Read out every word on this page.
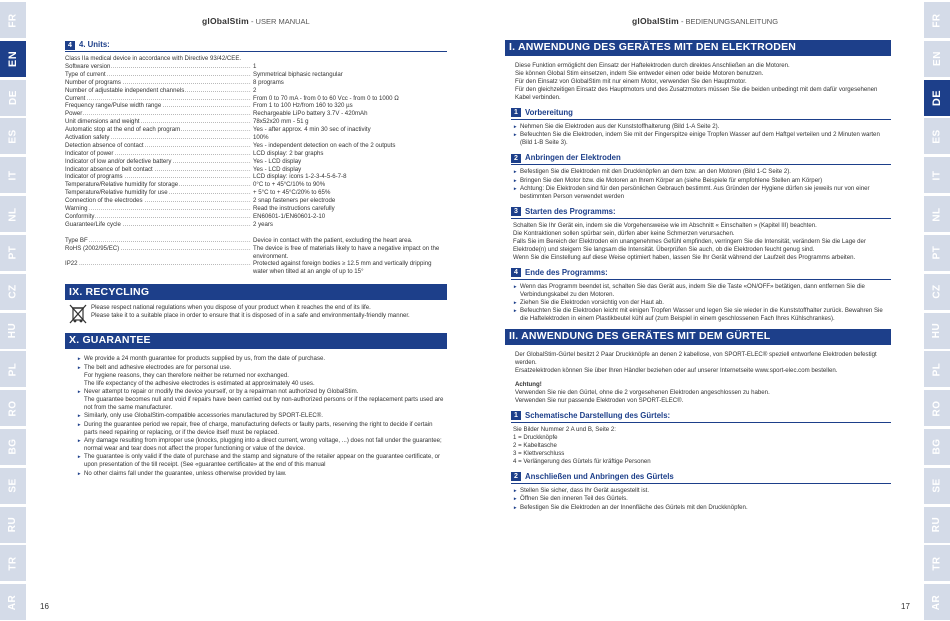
FR
EN
DE
ES
IT
NL
PT
CZ
HU
PL
RO
BG
SE
RU
TR
AR
FR
EN
DE
ES
IT
NL
PT
CZ
HU
PL
RO
BG
SE
RU
TR
AR
glObalStim - USER MANUAL
16
glObalStim - BEDIENUNGSANLEITUNG
17
4 4. Units:
Class IIa medical device in accordance with Directive 93/42/CEE.
Software version .....	1
Type of current .....	Symmetrical biphasic rectangular
Number of programs .....	8 programs
Number of adjustable independent channels .....	2
Current .....	From 0 to 70 mA - from 0 to 60 Vcc - from 0 to 1000 Ω
Frequency range/Pulse width range .....	From 1 to 100 Hz/from 160 to 320 µs
Power .....	Rechargeable LiPo battery 3.7V - 420mAh
Unit dimensions and weight .....	78x52x20 mm - 51 g
Automatic stop at the end of each program .....	Yes - after approx. 4 min 30 sec of inactivity
Activation safety .....	100%
Detection absence of contact .....	Yes - independent detection on each of the 2 outputs
Indicator of power .....	LCD display: 2 bar graphs
Indicator of low and/or defective battery .....	Yes - LCD display
Indicator absence of belt contact .....	Yes - LCD display
Indicator of programs .....	LCD display: icons 1-2-3-4-5-6-7-8
Temperature/Relative humidity for storage .....	0°C to + 45°C/10% to 90%
Temperature/Relative humidity for use .....	+ 5°C to + 45°C/20% to 65%
Connection of the electrodes .....	2 snap fasteners per electrode
Warning .....	Read the instructions carefully
Conformity .....	EN60601-1/EN60601-2-10
Guarantee/Life cycle .....	2 years
Type BF .....	Device in contact with the patient, excluding the heart area.
RoHS (2002/95/EC) .....	The device is free of materials likely to have a negative impact on the environment.
IP22 .....	Protected against foreign bodies ≥ 12.5 mm and vertically dripping water when tilted at an angle of up to 15°
IX. RECYCLING
Please respect national regulations when you dispose of your product when it reaches the end of its life.
Please take it to a suitable place in order to ensure that it is disposed of in a safe and environmentally-friendly manner.
X. GUARANTEE
► We provide a 24 month guarantee for products supplied by us, from the date of purchase.
► The belt and adhesive electrodes are for personal use.
For hygiene reasons, they can therefore neither be returned nor exchanged.
The life expectancy of the adhesive electrodes is estimated at approximately 40 uses.
► Never attempt to repair or modify the device yourself, or by a repairman not authorized by GlobalStim.
The guarantee becomes null and void if repairs have been carried out by non-authorized persons or if the replacement parts used are not from the same manufacturer.
► Similarly, only use GlobalStim-compatible accessories manufactured by SPORT-ELEC®.
► During the guarantee period we repair, free of charge, manufacturing defects or faulty parts, reserving the right to decide if certain parts need repairing or replacing, or if the device itself must be replaced.
► Any damage resulting from improper use (knocks, plugging into a direct current, wrong voltage, ...) does not fall under the guarantee; normal wear and tear does not affect the proper functioning or value of the device.
► The guarantee is only valid if the date of purchase and the stamp and signature of the retailer appear on the guarantee certificate, or upon presentation of the till receipt. (See «guarantee certificate» at the end of this manual
► No other claims fall under the guarantee, unless otherwise provided by law.
I. ANWENDUNG DES GERÄTES MIT DEN ELEKTRODEN

Diese Funktion ermöglicht den Einsatz der Haftelektroden durch direktes Anschließen an die Motoren.

Sie können Global Stim einsetzen, indem Sie entweder einen oder beide Motoren benutzen.

Für den Einsatz von GlobalStim mit nur einem Motor, verwenden Sie den Hauptmotor.

Für den gleichzeitigen Einsatz des Hauptmotors und des Zusatzmotors müssen Sie die beiden unbedingt mit dem dafür vorgesehenen Kabel verbinden.

1 Vorbereitung
► Nehmen Sie die Elektroden aus der Kunststoffhalterung (Bild 1-A Seite 2).
► Befeuchten Sie die Elektroden, indem Sie mit der Fingerspitze einige Tropfen Wasser auf dem Haftgel verteilen und 2 Minuten warten (Bild 1-B Seite 3).
2 Anbringen der Elektroden
► Befestigen Sie die Elektroden mit den Druckknöpfen an dem bzw. an den Motoren (Bild 1-C Seite 2).
► Bringen Sie den Motor bzw. die Motoren an Ihrem Körper an (siehe Beispiele für empfohlene Stellen am Körper)
► Achtung: Die Elektroden sind für den persönlichen Gebrauch bestimmt. Aus Gründen der Hygiene dürfen sie jeweils nur von einer bestimmten Person verwendet werden
3 Starten des Programms:

Schalten Sie Ihr Gerät ein, indem sie die Vorgehensweise wie im Abschnitt « Einschalten » (Kapitel III) beachten.

Die Kontraktionen sollen spürbar sein, dürfen aber keine Schmerzen verursachen.

Falls Sie im Bereich der Elektroden ein unangenehmes Gefühl empfinden, verringern Sie die Intensität, verändern Sie die Lage der Elektrode(n) und steigern Sie langsam die Intensität. Überprüfen Sie auch, ob die Elektroden feucht genug sind.

Wenn Sie die Einstellung auf diese Weise optimiert haben, lassen Sie Ihr Gerät während der Laufzeit des Programms arbeiten.

4 Ende des Programms:
► Wenn das Programm beendet ist, schalten Sie das Gerät aus, indem Sie die Taste «ON/OFF» betätigen, dann entfernen Sie die Verbindungskabel zu den Motoren.
► Ziehen Sie die Elektroden vorsichtig von der Haut ab.
► Befeuchten Sie die Elektroden leicht mit einigen Tropfen Wasser und legen Sie sie wieder in die Kunststoffhalter zurück. Bewahren Sie die Haftelektroden in einem Plastikbeutel kühl auf (zum Beispiel in einem geschlossenen Fach Ihres Kühlschrankes).
II. ANWENDUNG DES GERÄTES MIT DEM GÜRTEL

Der GlobalStim-Gürtel besitzt 2 Paar Druckknöpfe an denen 2 kabellose, von SPORT-ELEC® speziell entworfene Elektroden befestigt werden.

Ersatzelektroden können Sie über Ihren Händler beziehen oder auf unserer Internetseite www.sport-elec.com bestellen.

Achtung!
Verwenden Sie nie den Gürtel, ohne die 2 vorgesehenen Elektroden angeschlossen zu haben.
Verwenden Sie nur passende Elektroden von SPORT-ELEC®.
1 Schematische Darstellung des Gürtels:

Sie Bilder Nummer 2 A und B, Seite 2:

1 = Druckknöpfe

2 = Kabeltasche

3 = Klettverschluss

4 = Verlängerung des Gürtels für kräftige Personen

2 Anschließen und Anbringen des Gürtels
► Stellen Sie sicher, dass Ihr Gerät ausgestellt ist.
► Öffnen Sie den inneren Teil des Gürtels.
► Befestigen Sie die Elektroden an der Innenfläche des Gürtels mit den Druckknöpfen.
